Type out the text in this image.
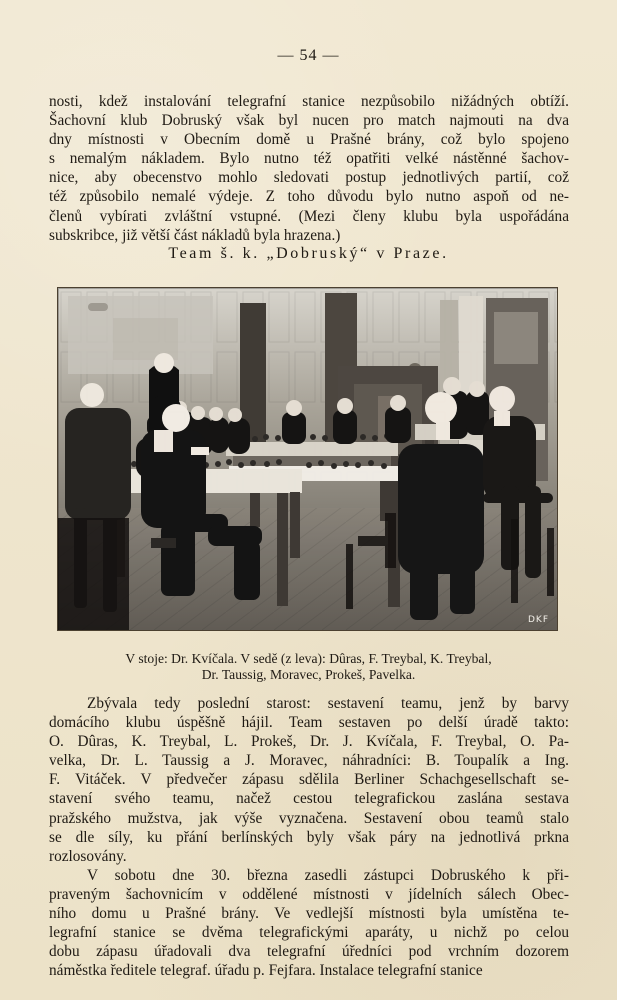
— 54 —
nosti, kdež instalování telegrafní stanice nezpůsobilo nižádných obtíží.
Šachovní klub Dobruský však byl nucen pro match najmouti na dva
dny místnosti v Obecním domě u Prašné brány, což bylo spojeno
s nemalým nákladem. Bylo nutno též opatřiti velké nástěnné šachov-
nice, aby obecenstvo mohlo sledovati postup jednotlivých partií, což
též způsobilo nemalé výdeje. Z toho důvodu bylo nutno aspoň od ne-
členů vybírati zvláštní vstupné. (Mezi členy klubu byla uspořádána
subskribce, již větší část nákladů byla hrazena.)
Team š. k. „Dobruský“ v Praze.
DKF
V stoje: Dr. Kvíčala. V sedě (z leva): Dûras, F. Treybal, K. Treybal,
Dr. Taussig, Moravec, Prokeš, Pavelka.
Zbývala tedy poslední starost: sestavení teamu, jenž by barvy
domácího klubu úspěšně hájil. Team sestaven po delší úradě takto:
O. Dûras, K. Treybal, L. Prokeš, Dr. J. Kvíčala, F. Treybal, O. Pa-
velka, Dr. L. Taussig a J. Moravec, náhradníci: B. Toupalík a Ing.
F. Vitáček. V předvečer zápasu sdělila Berliner Schachgesellschaft se-
stavení svého teamu, načež cestou telegrafickou zaslána sestava
pražského mužstva, jak výše vyznačena. Sestavení obou teamů stalo
se dle síly, ku přání berlínských byly však páry na jednotlivá prkna
rozlosovány.
V sobotu dne 30. března zasedli zástupci Dobruského k při-
praveným šachovnicím v oddělené místnosti v jídelních sálech Obec-
ního domu u Prašné brány. Ve vedlejší místnosti byla umístěna te-
legrafní stanice se dvěma telegrafickými aparáty, u nichž po celou
dobu zápasu úřadovali dva telegrafní úředníci pod vrchním dozorem
náměstka ředitele telegraf. úřadu p. Fejfara. Instalace telegrafní stanice
